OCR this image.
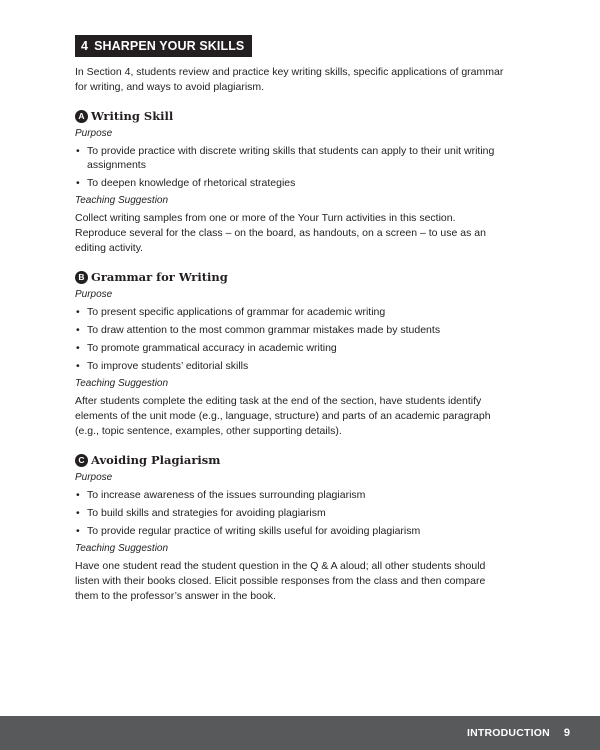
4 SHARPEN YOUR SKILLS

In Section 4, students review and practice key writing skills, specific applications of grammar for writing, and ways to avoid plagiarism.

A Writing Skill
Purpose
• To provide practice with discrete writing skills that students can apply to their unit writing assignments
• To deepen knowledge of rhetorical strategies
Teaching Suggestion

Collect writing samples from one or more of the Your Turn activities in this section. Reproduce several for the class – on the board, as handouts, on a screen – to use as an editing activity.

B Grammar for Writing
Purpose
• To present specific applications of grammar for academic writing
• To draw attention to the most common grammar mistakes made by students
• To promote grammatical accuracy in academic writing
• To improve students’ editorial skills
Teaching Suggestion

After students complete the editing task at the end of the section, have students identify elements of the unit mode (e.g., language, structure) and parts of an academic paragraph (e.g., topic sentence, examples, other supporting details).

C Avoiding Plagiarism
Purpose
• To increase awareness of the issues surrounding plagiarism
• To build skills and strategies for avoiding plagiarism
• To provide regular practice of writing skills useful for avoiding plagiarism
Teaching Suggestion

Have one student read the student question in the Q & A aloud; all other students should listen with their books closed. Elicit possible responses from the class and then compare them to the professor’s answer in the book.

INTRODUCTION 9
